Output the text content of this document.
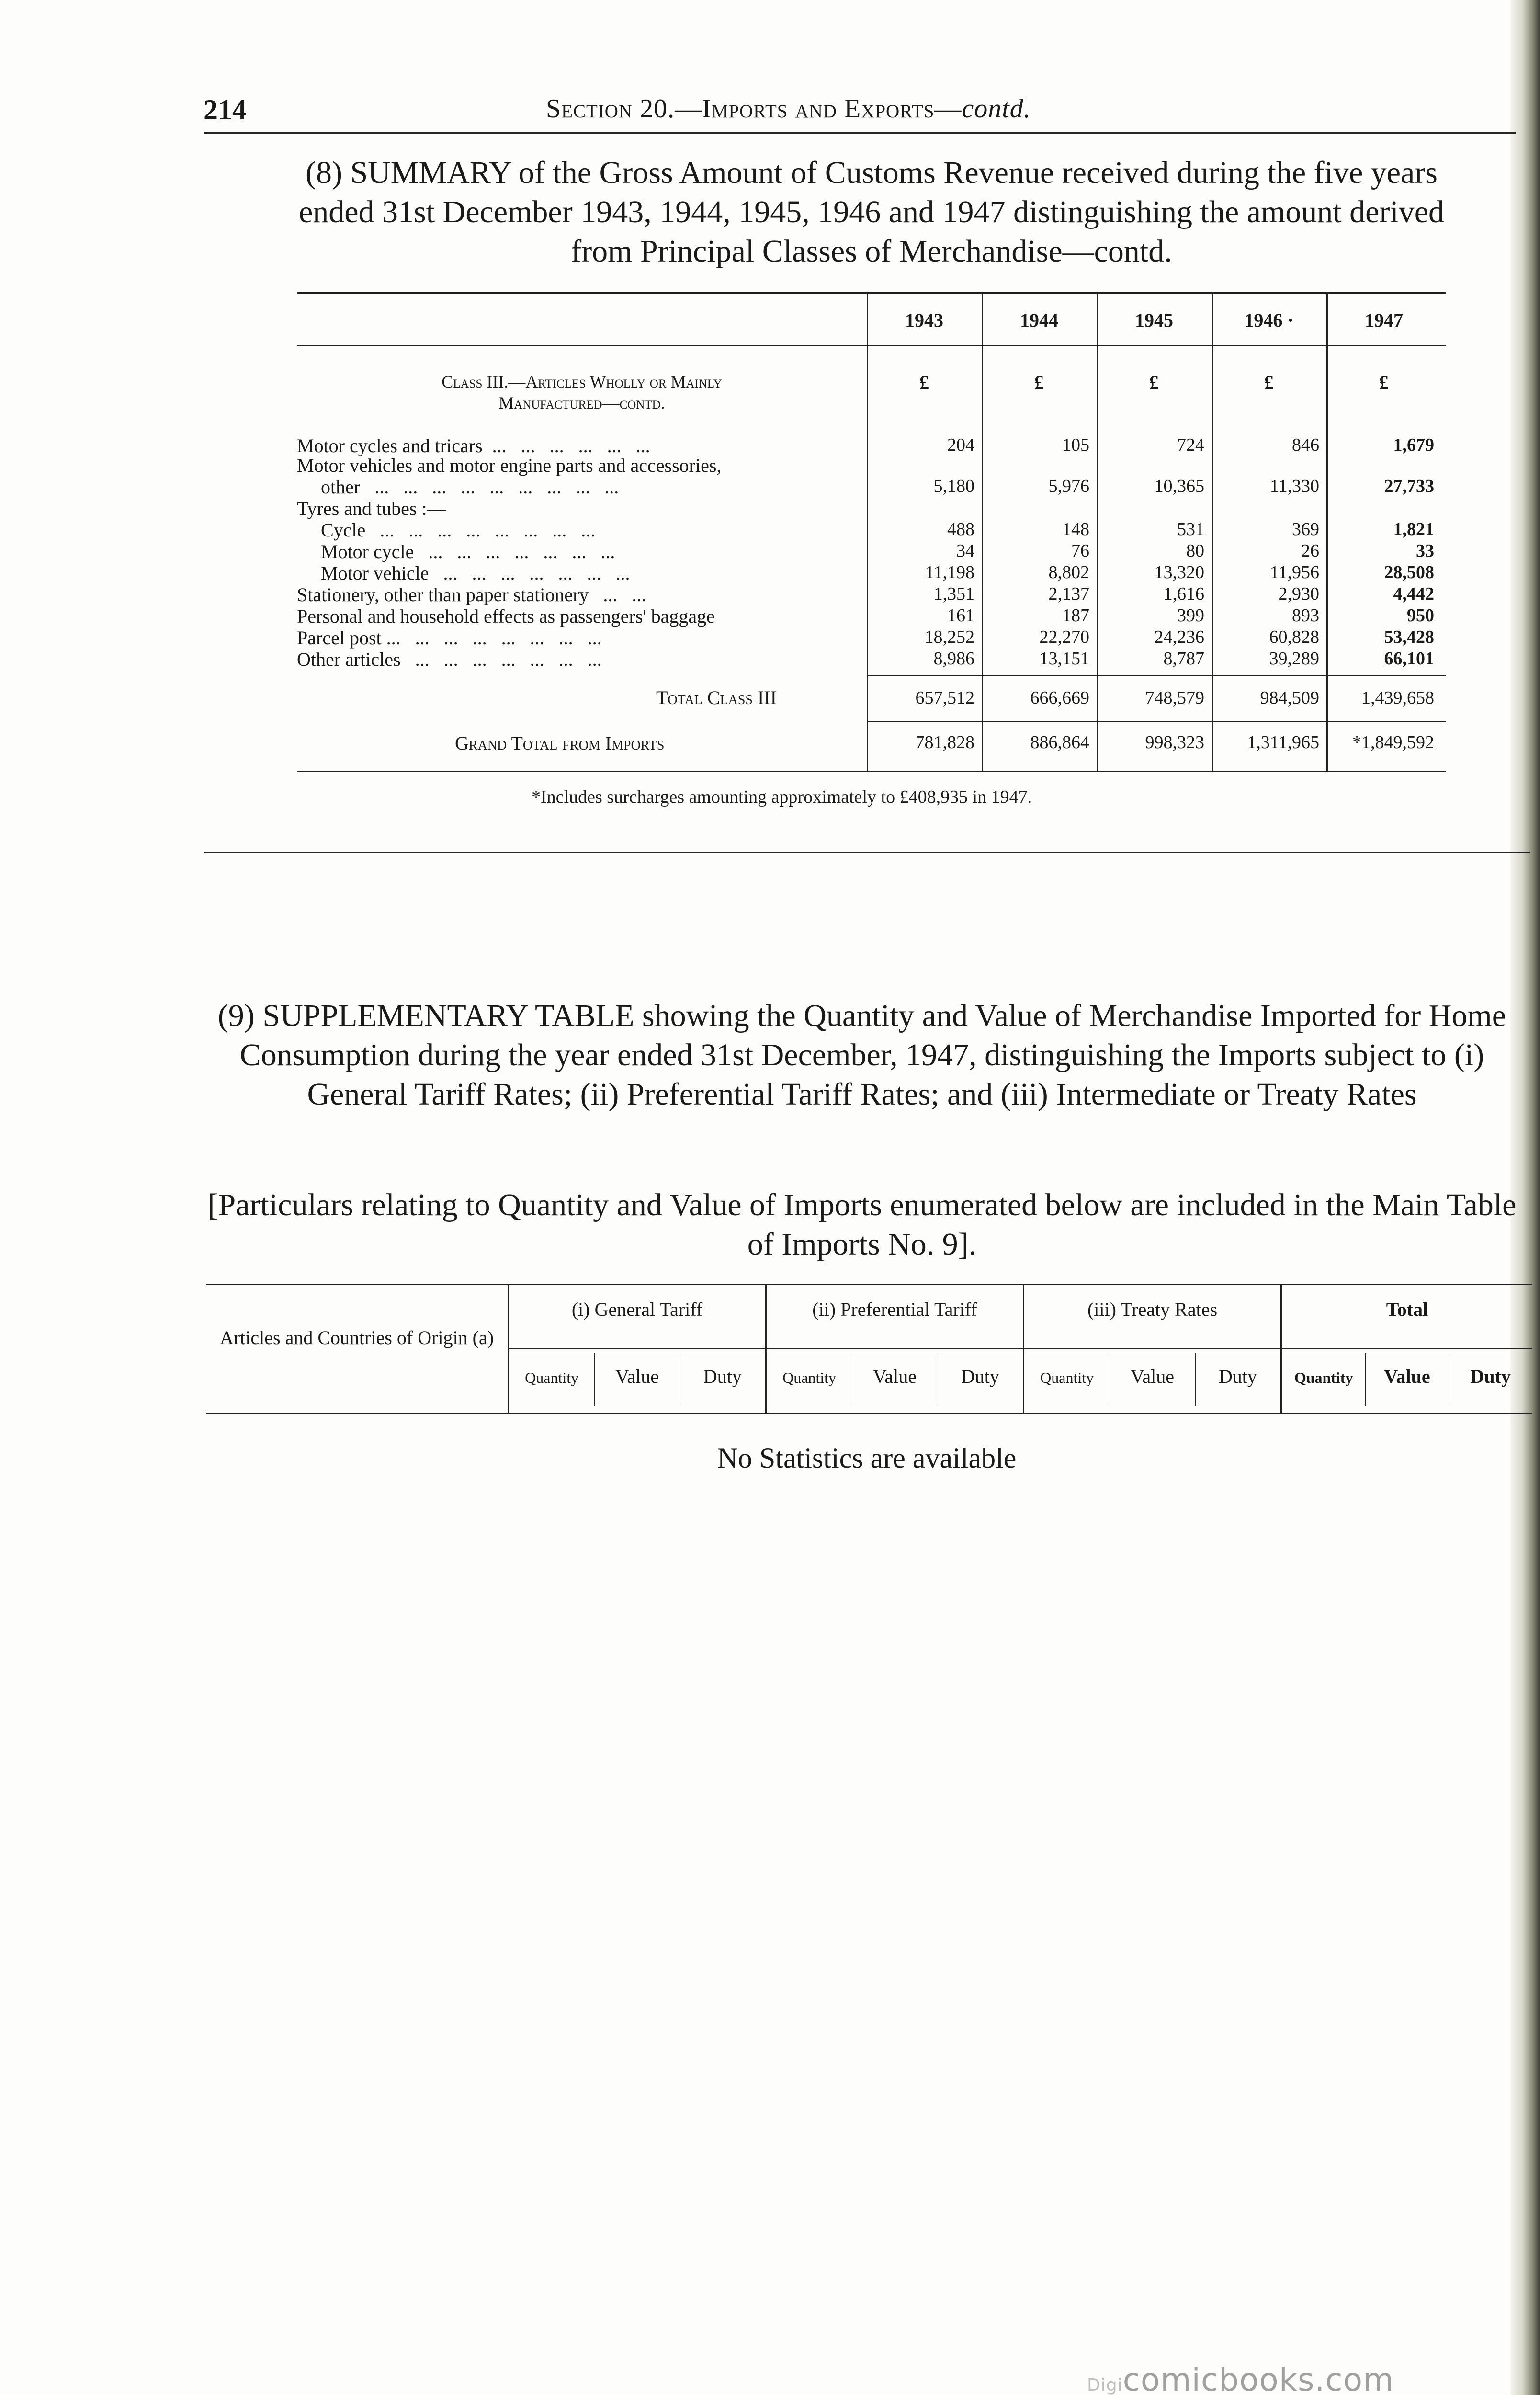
214	Section 20.—Imports and Exports—contd.
(8) SUMMARY of the Gross Amount of Customs Revenue received during the five years ended 31st December 1943, 1944, 1945, 1946 and 1947 distinguishing the amount derived from Principal Classes of Merchandise—contd.
1943	1944	1945	1946 ·	1947
Class III.—Articles Wholly or Mainly
Manufactured—contd.
£	£	£	£	£
Motor cycles and tricars  ...   ...   ...   ...   ...   ...	204	105	724	846	1,679
Motor vehicles and motor engine parts and accessories,
other   ...   ...   ...   ...   ...   ...   ...   ...   ...	5,180	5,976	10,365	11,330	27,733
Tyres and tubes :—
Cycle   ...   ...   ...   ...   ...   ...   ...   ...	488	148	531	369	1,821
Motor cycle   ...   ...   ...   ...   ...   ...   ...	34	76	80	26	33
Motor vehicle   ...   ...   ...   ...   ...   ...   ...	11,198	8,802	13,320	11,956	28,508
Stationery, other than paper stationery   ...   ...	1,351	2,137	1,616	2,930	4,442
Personal and household effects as passengers' baggage	161	187	399	893	950
Parcel post ...   ...   ...   ...   ...   ...   ...   ...	18,252	22,270	24,236	60,828	53,428
Other articles   ...   ...   ...   ...   ...   ...   ...	8,986	13,151	8,787	39,289	66,101
Total Class III	657,512	666,669	748,579	984,509	1,439,658
Grand Total from Imports	781,828	886,864	998,323	1,311,965	*1,849,592
*Includes surcharges amounting approximately to £408,935 in 1947.
(9) SUPPLEMENTARY TABLE showing the Quantity and Value of Merchandise Imported for Home Consumption during the year ended 31st December, 1947, distinguishing the Imports subject to (i) General Tariff Rates; (ii) Preferential Tariff Rates; and (iii) Intermediate or Treaty Rates
[Particulars relating to Quantity and Value of Imports enumerated below are included in the Main Table of Imports No. 9].
Articles and Countries of Origin (a)
(i) General Tariff	(ii) Preferential Tariff	(iii) Treaty Rates	Total
Quantity	Value	Duty	Quantity	Value	Duty	Quantity	Value	Duty	Quantity	Value	Duty
No Statistics are available
Digicomicbooks.com
